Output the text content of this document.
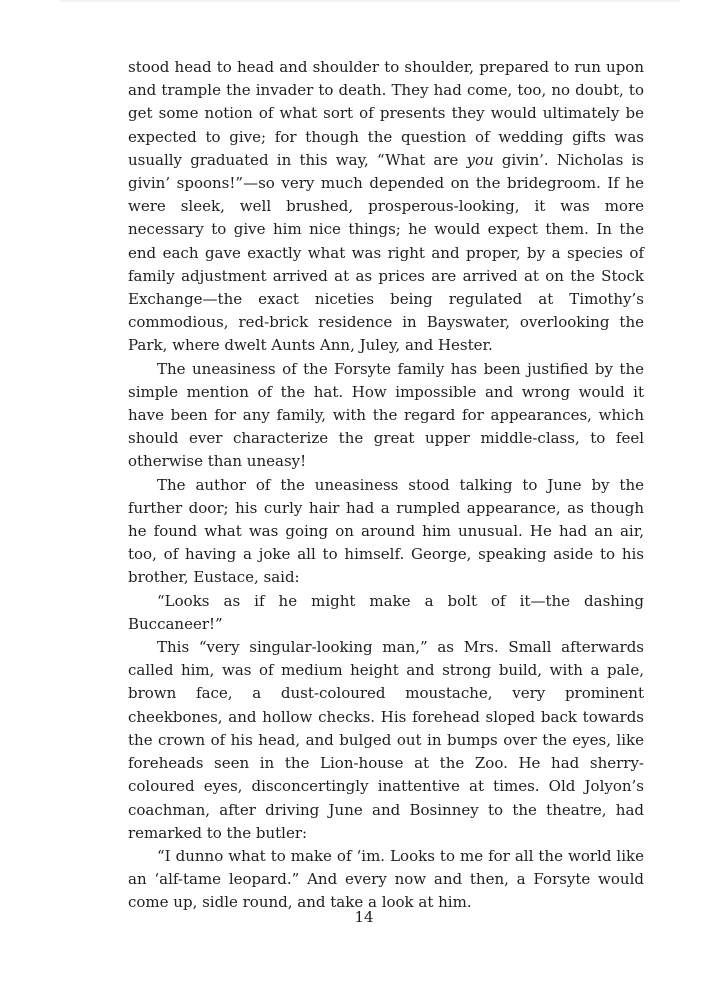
stood head to head and shoulder to shoulder, prepared to run upon and trample the invader to death. They had come, too, no doubt, to get some notion of what sort of presents they would ultimately be expected to give; for though the question of wedding gifts was usually graduated in this way, “What are you givin’. Nicholas is givin’ spoons!”—so very much depended on the bridegroom. If he were sleek, well brushed, prosperous-looking, it was more necessary to give him nice things; he would expect them. In the end each gave exactly what was right and proper, by a species of family adjustment arrived at as prices are arrived at on the Stock Exchange—the exact niceties being regulated at Timothy’s commodious, red-brick residence in Bayswater, overlooking the Park, where dwelt Aunts Ann, Juley, and Hester.

The uneasiness of the Forsyte family has been justified by the simple mention of the hat. How impossible and wrong would it have been for any family, with the regard for appearances, which should ever characterize the great upper middle-class, to feel otherwise than uneasy!

The author of the uneasiness stood talking to June by the further door; his curly hair had a rumpled appearance, as though he found what was going on around him unusual. He had an air, too, of having a joke all to himself. George, speaking aside to his brother, Eustace, said:

“Looks as if he might make a bolt of it—the dashing Buccaneer!”

This “very singular-looking man,” as Mrs. Small afterwards called him, was of medium height and strong build, with a pale, brown face, a dust-coloured moustache, very prominent cheekbones, and hollow checks. His forehead sloped back towards the crown of his head, and bulged out in bumps over the eyes, like foreheads seen in the Lion-house at the Zoo. He had sherry-coloured eyes, disconcertingly inattentive at times. Old Jolyon’s coachman, after driving June and Bosinney to the theatre, had remarked to the butler:

“I dunno what to make of ‘im. Looks to me for all the world like an ‘alf-tame leopard.” And every now and then, a Forsyte would come up, sidle round, and take a look at him.

14
